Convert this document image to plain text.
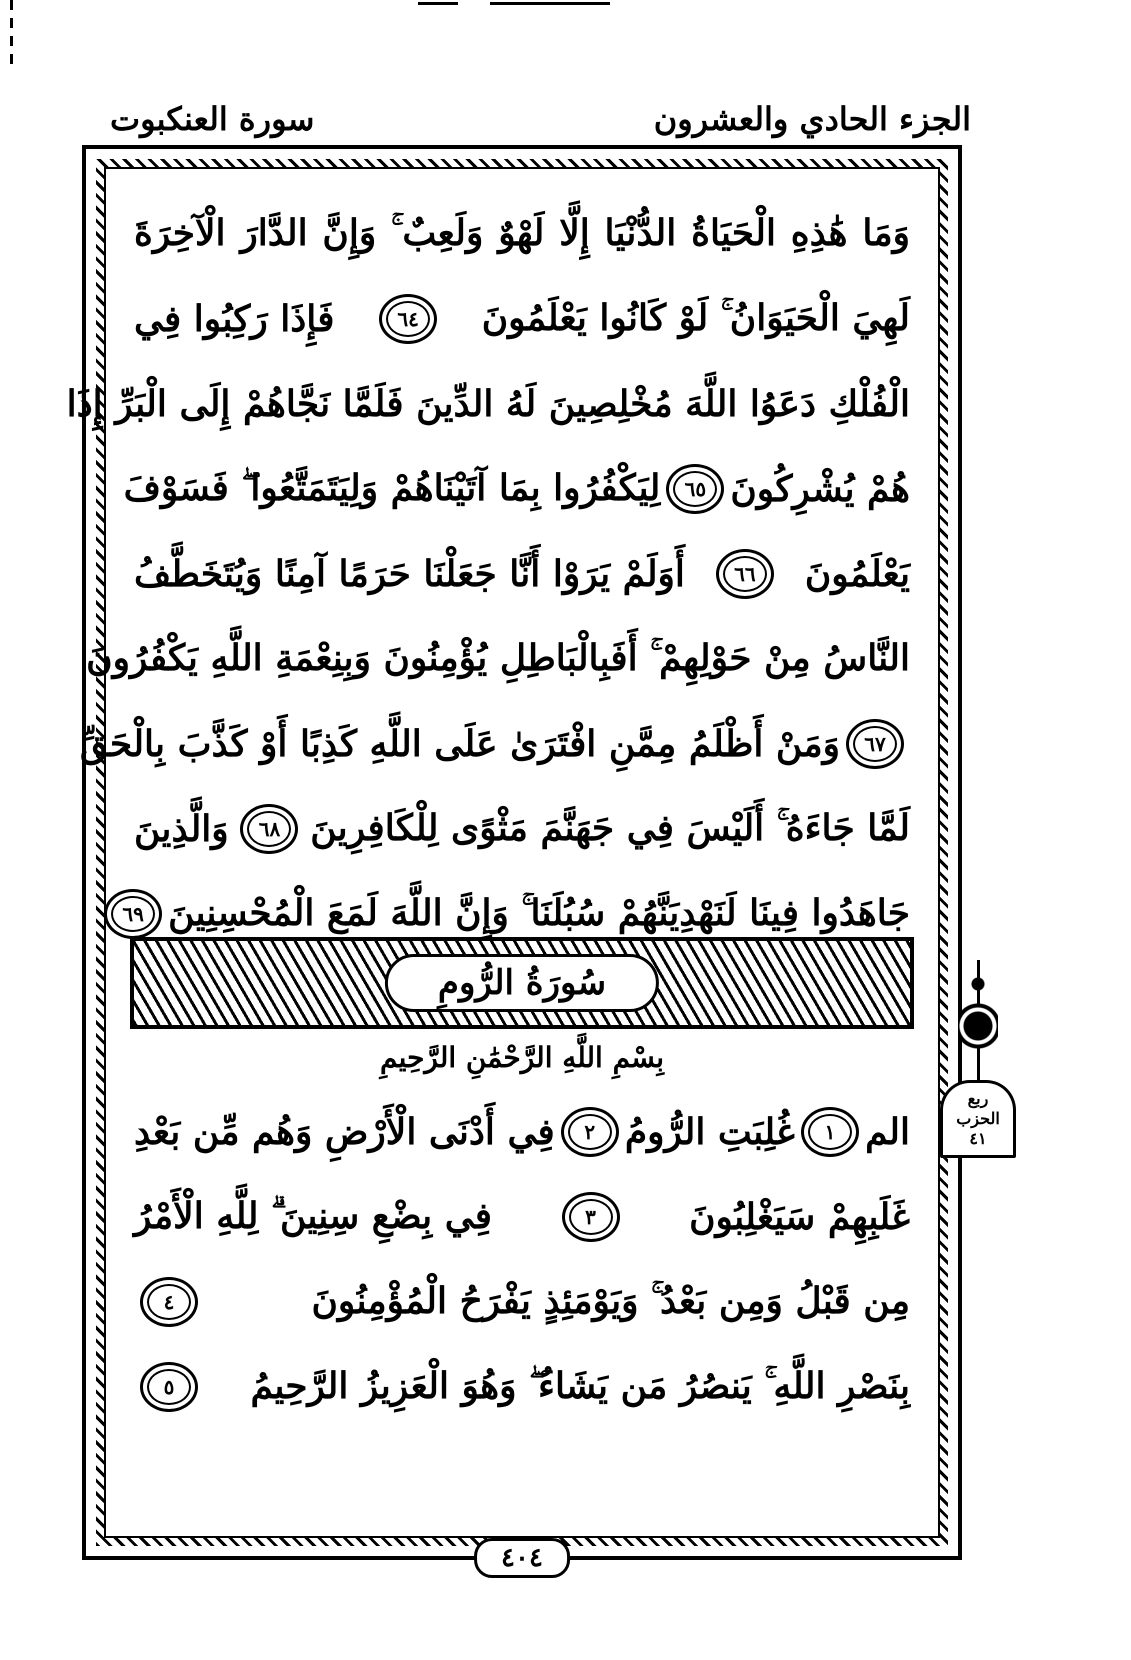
الجزء الحادي والعشرون
سورة العنكبوت
وَمَا هَٰذِهِ الْحَيَاةُ الدُّنْيَا إِلَّا لَهْوٌ وَلَعِبٌ ۚ وَإِنَّ الدَّارَ الْآخِرَةَ
لَهِيَ الْحَيَوَانُ ۚ لَوْ كَانُوا يَعْلَمُونَ
٦٤
فَإِذَا رَكِبُوا فِي
الْفُلْكِ دَعَوُا اللَّهَ مُخْلِصِينَ لَهُ الدِّينَ فَلَمَّا نَجَّاهُمْ إِلَى الْبَرِّ إِذَا
هُمْ يُشْرِكُونَ
٦٥
لِيَكْفُرُوا بِمَا آتَيْنَاهُمْ وَلِيَتَمَتَّعُوا ۖ فَسَوْفَ
يَعْلَمُونَ
٦٦
أَوَلَمْ يَرَوْا أَنَّا جَعَلْنَا حَرَمًا آمِنًا وَيُتَخَطَّفُ
النَّاسُ مِنْ حَوْلِهِمْ ۚ أَفَبِالْبَاطِلِ يُؤْمِنُونَ وَبِنِعْمَةِ اللَّهِ يَكْفُرُونَ
٦٧
وَمَنْ أَظْلَمُ مِمَّنِ افْتَرَىٰ عَلَى اللَّهِ كَذِبًا أَوْ كَذَّبَ بِالْحَقِّ
لَمَّا جَاءَهُ ۚ أَلَيْسَ فِي جَهَنَّمَ مَثْوًى لِلْكَافِرِينَ
٦٨
وَالَّذِينَ
جَاهَدُوا فِينَا لَنَهْدِيَنَّهُمْ سُبُلَنَا ۚ وَإِنَّ اللَّهَ لَمَعَ الْمُحْسِنِينَ
٦٩
سُورَةُ الرُّومِ
بِسْمِ اللَّهِ الرَّحْمَٰنِ الرَّحِيمِ
الم
١
غُلِبَتِ الرُّومُ
٢
فِي أَدْنَى الْأَرْضِ وَهُم مِّن بَعْدِ
غَلَبِهِمْ سَيَغْلِبُونَ
٣
فِي بِضْعِ سِنِينَ ۗ لِلَّهِ الْأَمْرُ
مِن قَبْلُ وَمِن بَعْدُ ۚ وَيَوْمَئِذٍ يَفْرَحُ الْمُؤْمِنُونَ
٤
بِنَصْرِ اللَّهِ ۚ يَنصُرُ مَن يَشَاءُ ۖ وَهُوَ الْعَزِيزُ الرَّحِيمُ
٥
٤٠٤
ربع
الحزب
٤١
